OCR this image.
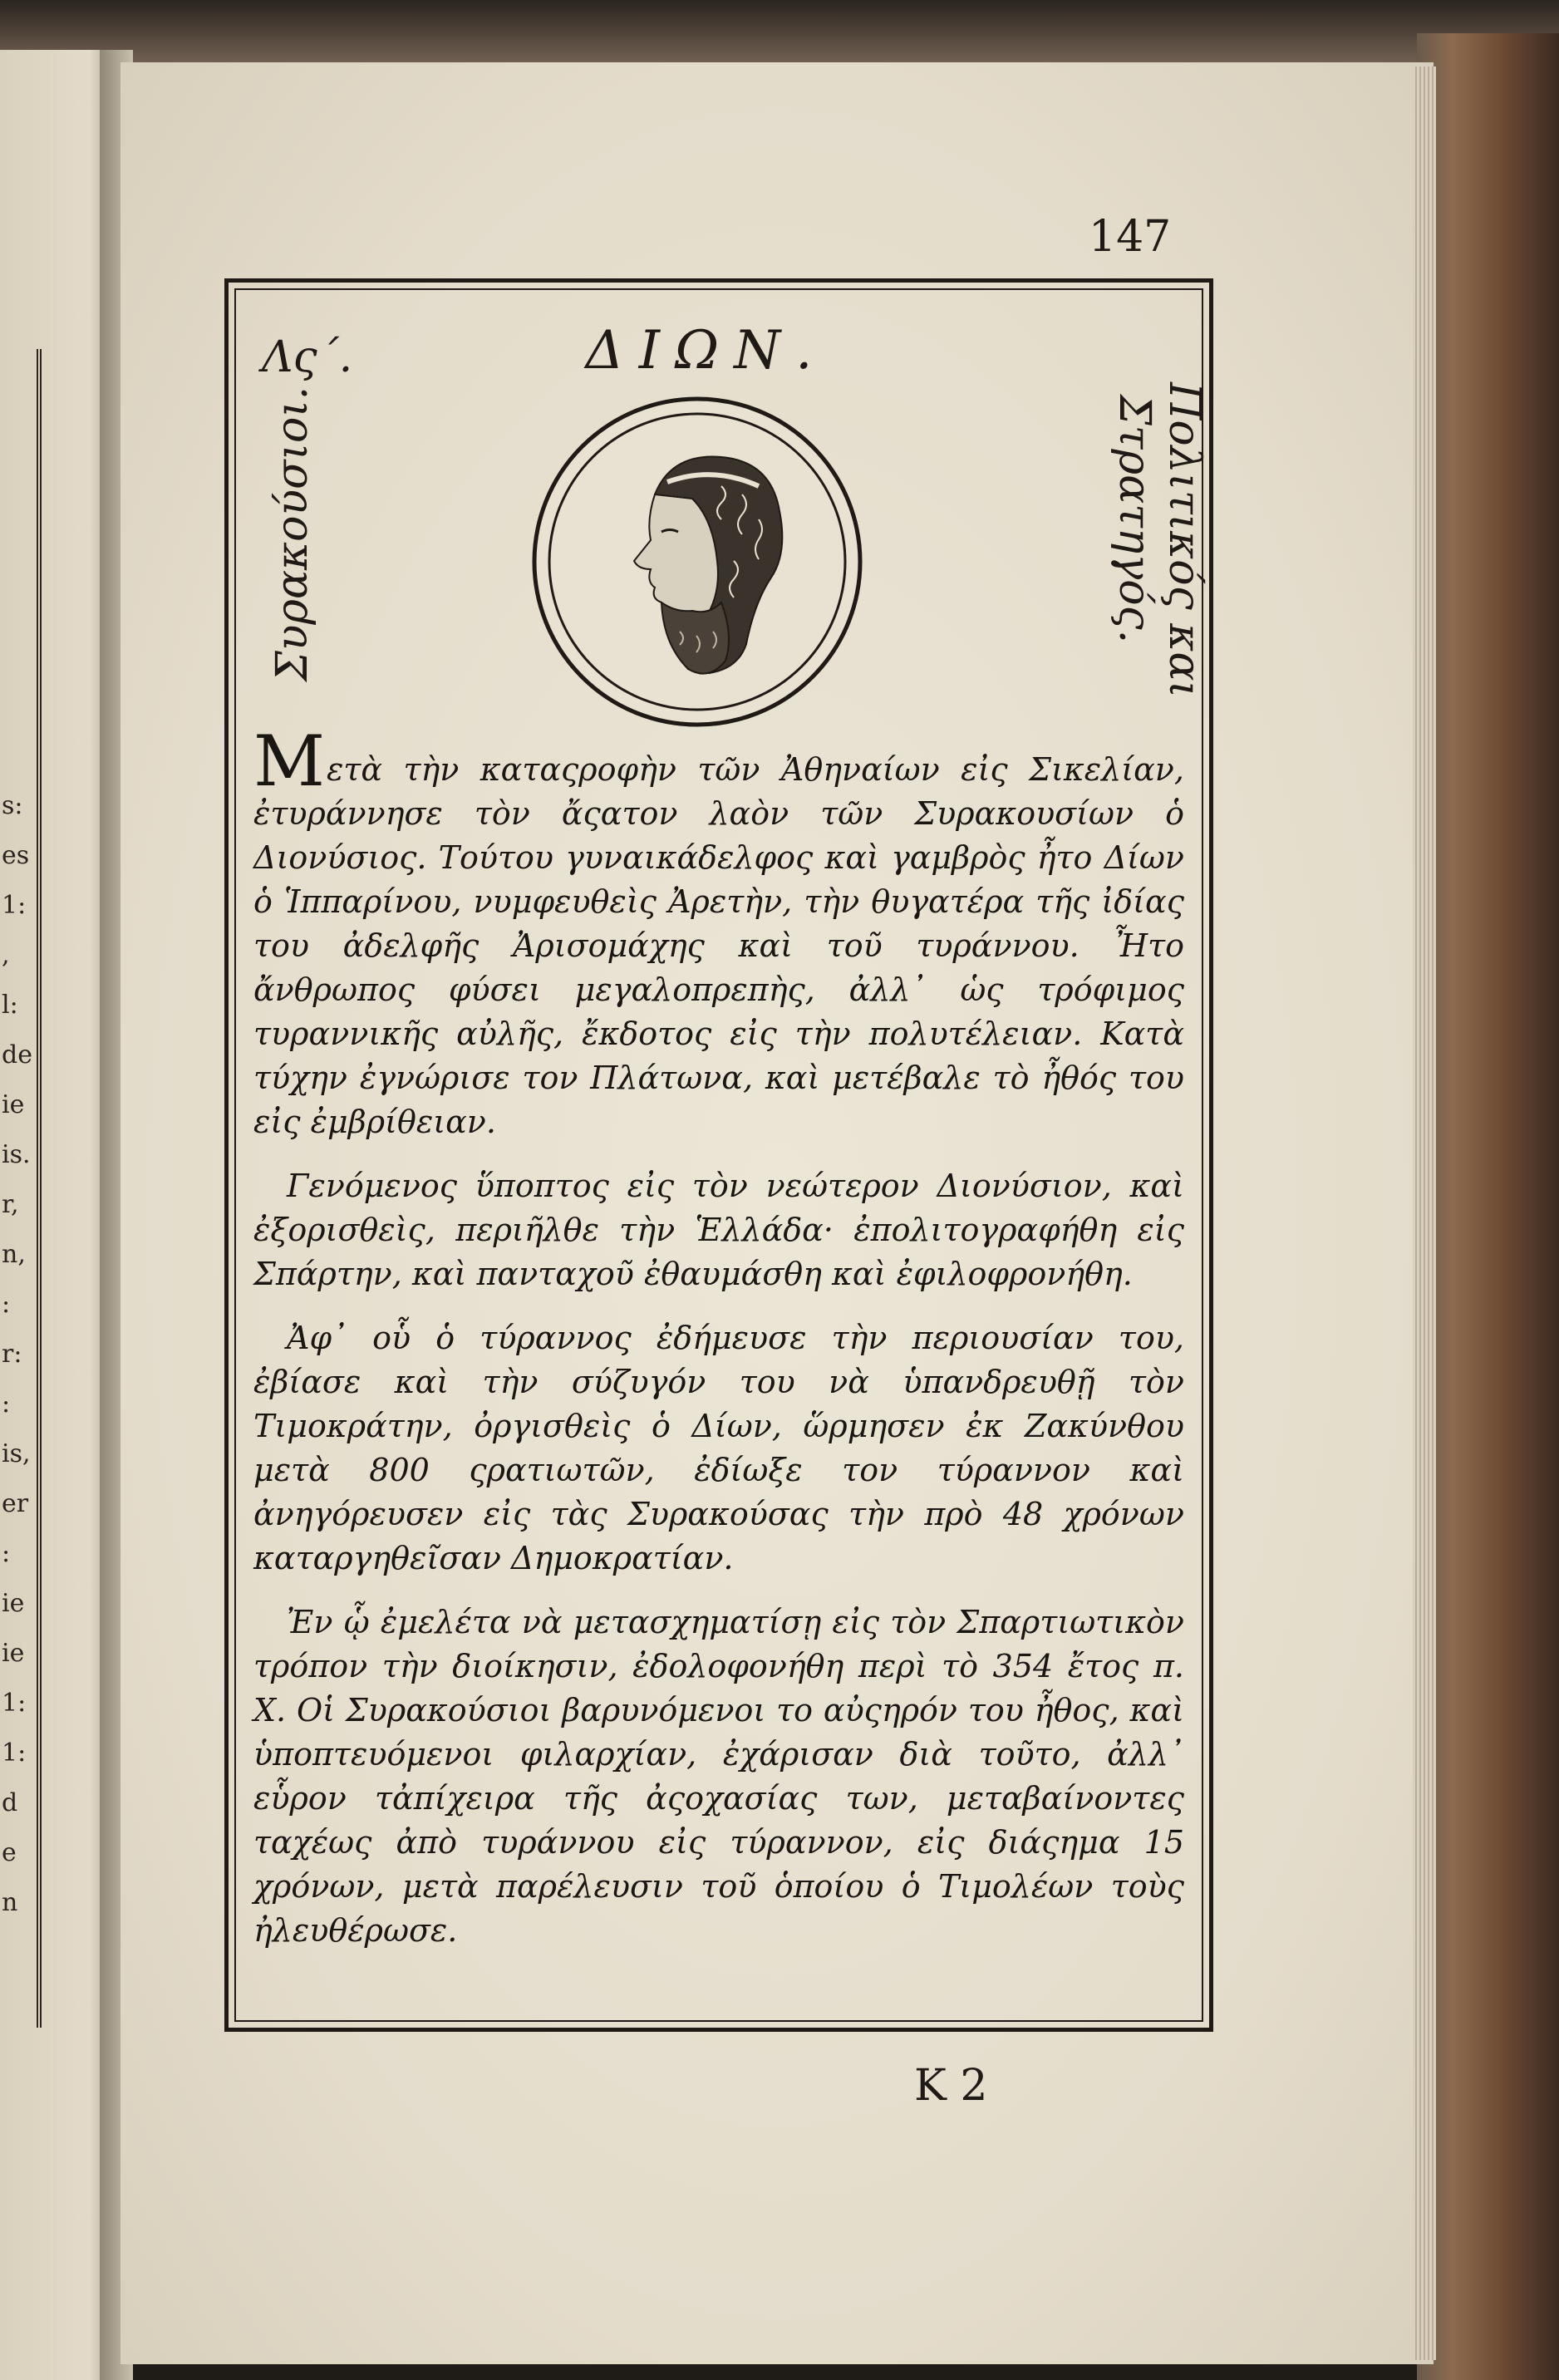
s:
es
1:
,
l:
de
ie
is.
r,
n,
:
r:
:
is,
er
:
ie
ie
1:
1:
d
e
n
147
Λς΄.	ΔΙΩΝ.
Συρακούσιοι.	Πολιτικός και
Στρατηγός.

Μετὰ τὴν καταςροφὴν τῶν Ἀθηναίων εἰς Σικελίαν, ἐτυράννησε τὸν ἄςατον λαὸν τῶν Συρακουσίων ὁ Διονύσιος. Τούτου γυναικάδελφος καὶ γαμβρὸς ἦτο Δίων ὁ Ἱππαρίνου, νυμφευθεὶς Ἀρετὴν, τὴν θυγατέρα τῆς ἰδίας του ἀδελφῆς Ἀρισομάχης καὶ τοῦ τυράννου. Ἦτο ἄνθρωπος φύσει μεγαλοπρεπὴς, ἀλλ᾽ ὡς τρόφιμος τυραννικῆς αὐλῆς, ἔκδοτος εἰς τὴν πολυτέλειαν. Κατὰ τύχην ἐγνώρισε τον Πλάτωνα, καὶ μετέβαλε τὸ ἦθός του εἰς ἐμβρίθειαν.

Γενόμενος ὕποπτος εἰς τὸν νεώτερον Διονύσιον, καὶ ἐξορισθεὶς, περιῆλθε τὴν Ἑλλάδα· ἐπολιτογραφήθη εἰς Σπάρτην, καὶ πανταχοῦ ἐθαυμάσθη καὶ ἐφιλοφρονήθη.

Ἀφ᾽ οὗ ὁ τύραννος ἐδήμευσε τὴν περιουσίαν του, ἐβίασε καὶ τὴν σύζυγόν του νὰ ὑπανδρευθῇ τὸν Τιμοκράτην, ὀργισθεὶς ὁ Δίων, ὥρμησεν ἐκ Ζακύνθου μετὰ 800 ςρατιωτῶν, ἐδίωξε τον τύραννον καὶ ἀνηγόρευσεν εἰς τὰς Συρακούσας τὴν πρὸ 48 χρόνων καταργηθεῖσαν Δημοκρατίαν.

Ἐν ᾧ ἐμελέτα νὰ μετασχηματίσῃ εἰς τὸν Σπαρτιωτικὸν τρόπον τὴν διοίκησιν, ἐδολοφονήθη περὶ τὸ 354 ἔτος π. Χ. Οἱ Συρακούσιοι βαρυνόμενοι το αὐςηρόν του ἦθος, καὶ ὑποπτευόμενοι φιλαρχίαν, ἐχάρισαν διὰ τοῦτο, ἀλλ᾽ εὗρον τἀπίχειρα τῆς ἀςοχασίας των, μεταβαίνοντες ταχέως ἀπὸ τυράννου εἰς τύραννον, εἰς διάςημα 15 χρόνων, μετὰ παρέλευσιν τοῦ ὁποίου ὁ Τιμολέων τοὺς ἠλευθέρωσε.

K 2
